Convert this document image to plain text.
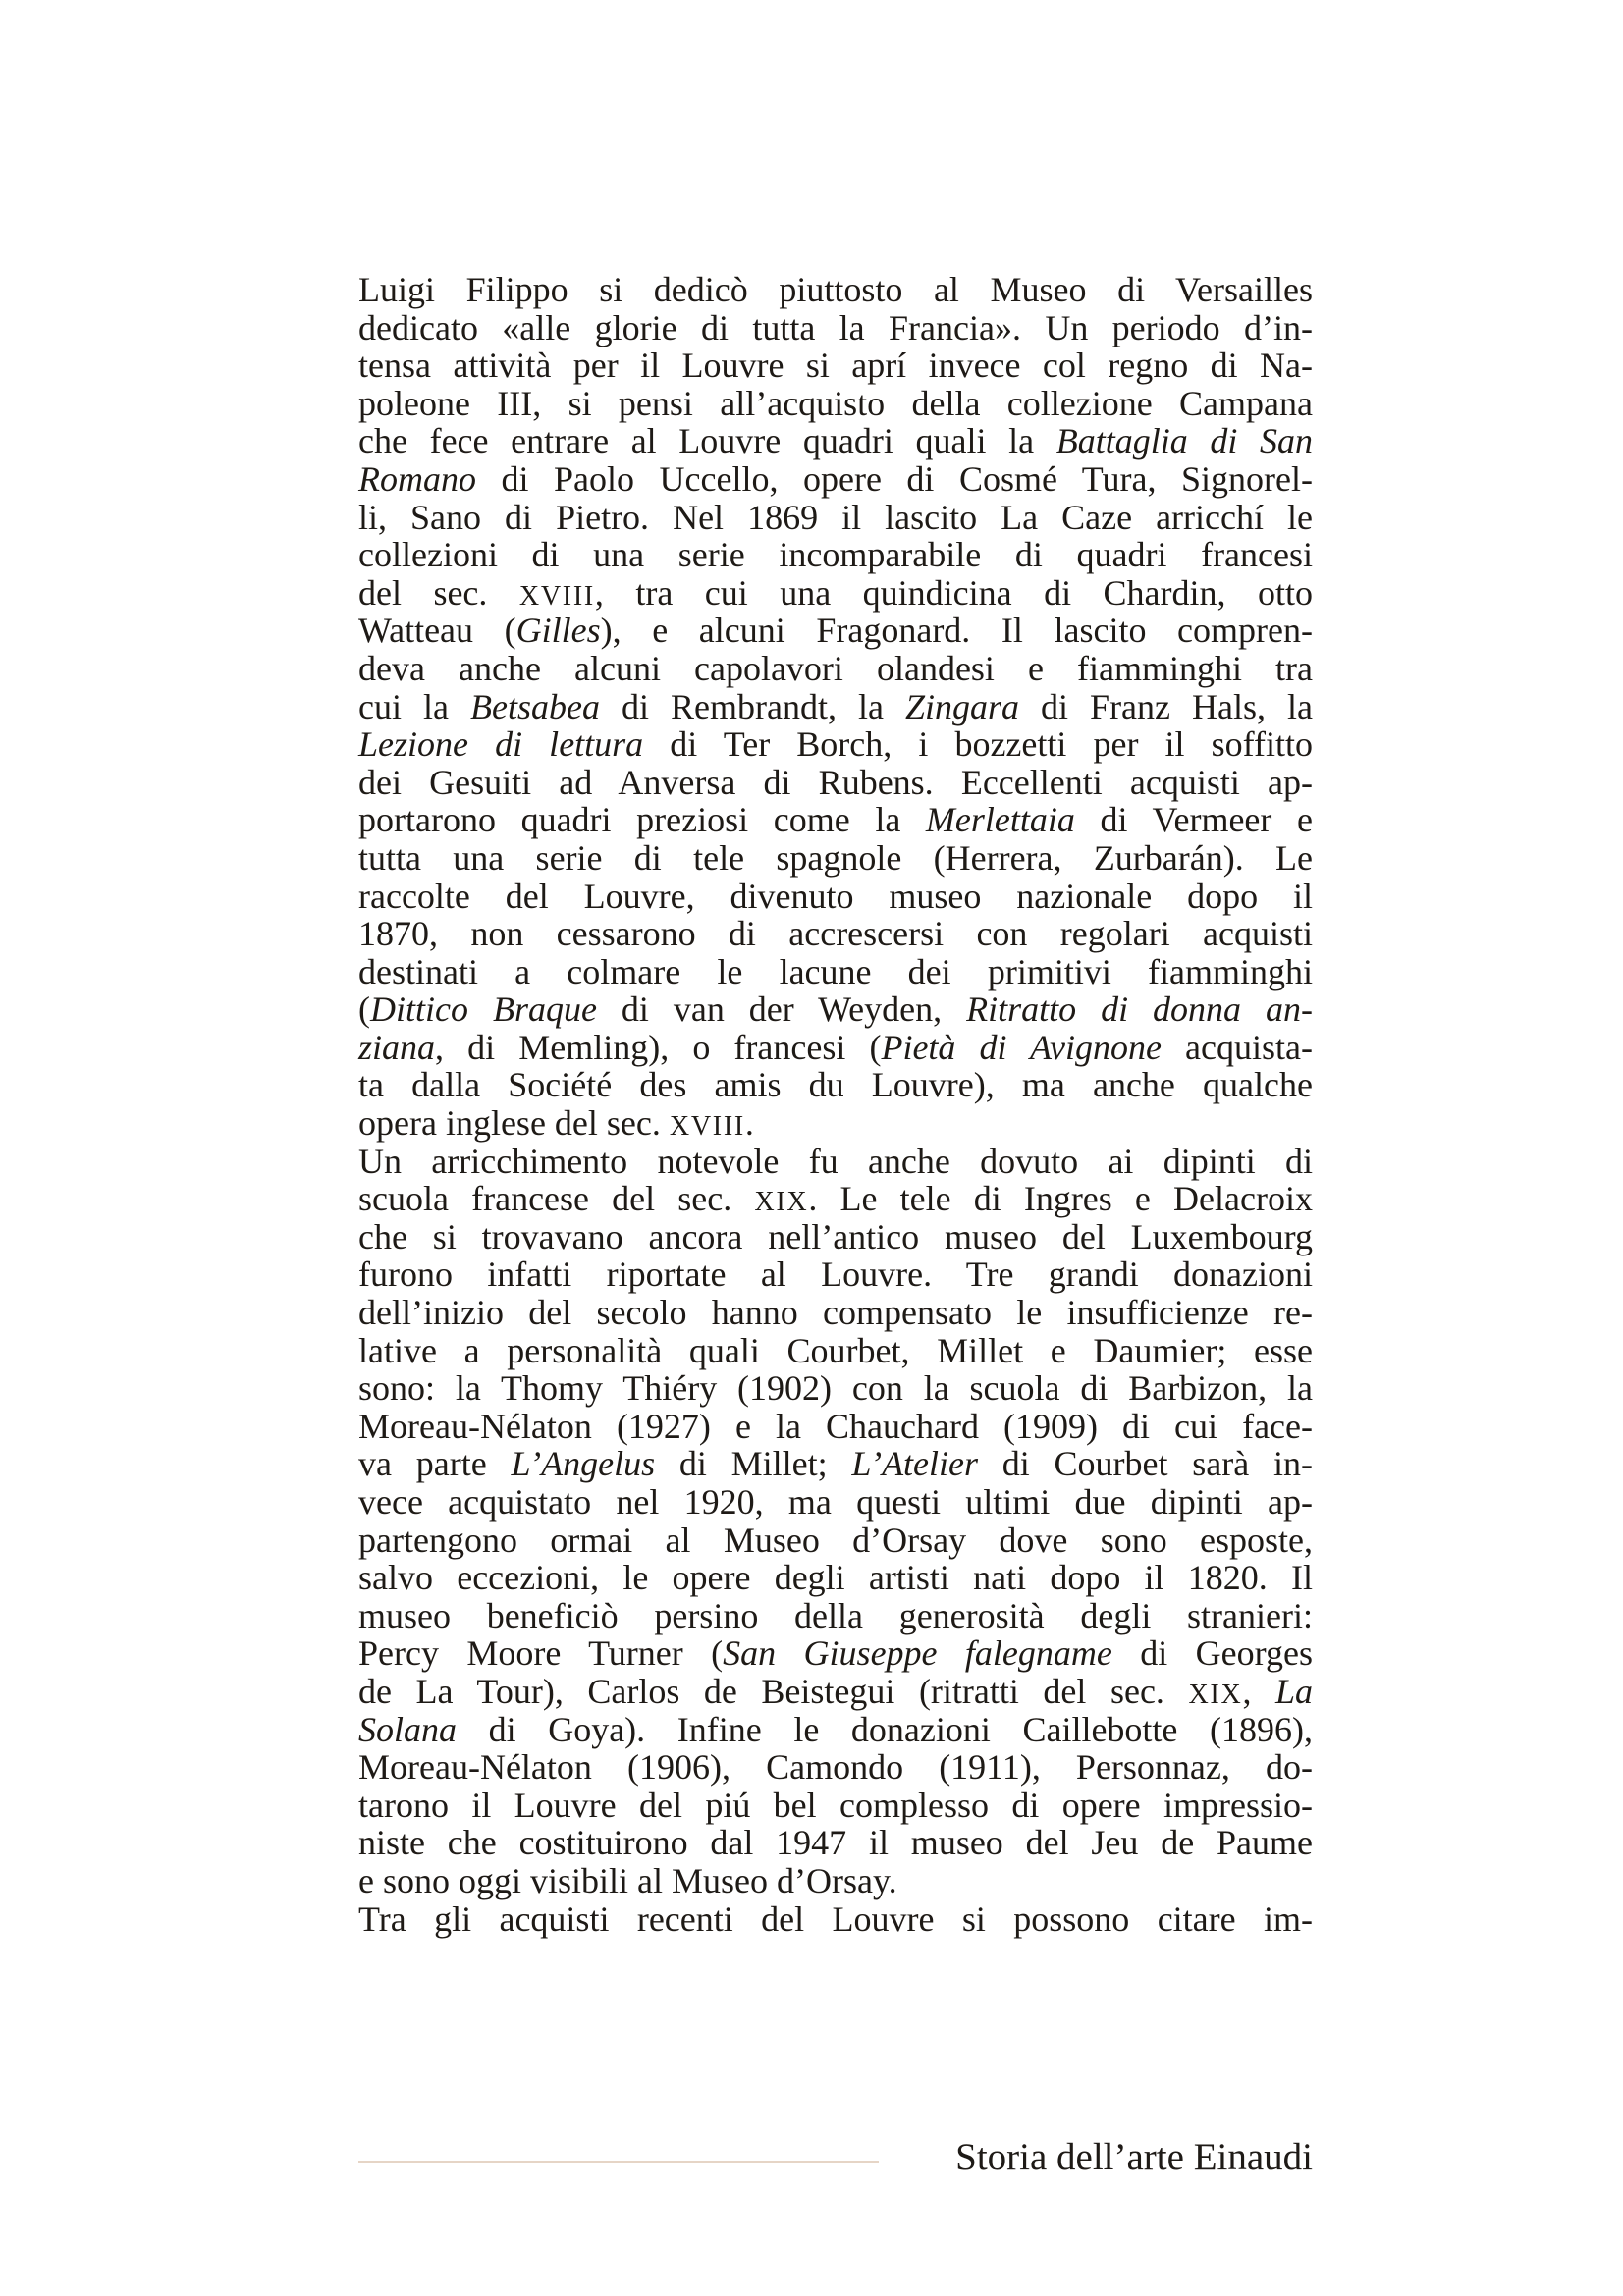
Luigi Filippo si dedicò piuttosto al Museo di Versailles
dedicato «alle glorie di tutta la Francia». Un periodo d’in-
tensa attività per il Louvre si aprí invece col regno di Na-
poleone III, si pensi all’acquisto della collezione Campana
che fece entrare al Louvre quadri quali la Battaglia di San
Romano di Paolo Uccello, opere di Cosmé Tura, Signorel-
li, Sano di Pietro. Nel 1869 il lascito La Caze arricchí le
collezioni di una serie incomparabile di quadri francesi
del sec. XVIII, tra cui una quindicina di Chardin, otto
Watteau (Gilles), e alcuni Fragonard. Il lascito compren-
deva anche alcuni capolavori olandesi e fiamminghi tra
cui la Betsabea di Rembrandt, la Zingara di Franz Hals, la
Lezione di lettura di Ter Borch, i bozzetti per il soffitto
dei Gesuiti ad Anversa di Rubens. Eccellenti acquisti ap-
portarono quadri preziosi come la Merlettaia di Vermeer e
tutta una serie di tele spagnole (Herrera, Zurbarán). Le
raccolte del Louvre, divenuto museo nazionale dopo il
1870, non cessarono di accrescersi con regolari acquisti
destinati a colmare le lacune dei primitivi fiamminghi
(Dittico Braque di van der Weyden, Ritratto di donna an-
ziana, di Memling), o francesi (Pietà di Avignone acquista-
ta dalla Société des amis du Louvre), ma anche qualche
opera inglese del sec. XVIII.
Un arricchimento notevole fu anche dovuto ai dipinti di
scuola francese del sec. XIX. Le tele di Ingres e Delacroix
che si trovavano ancora nell’antico museo del Luxembourg
furono infatti riportate al Louvre. Tre grandi donazioni
dell’inizio del secolo hanno compensato le insufficienze re-
lative a personalità quali Courbet, Millet e Daumier; esse
sono: la Thomy Thiéry (1902) con la scuola di Barbizon, la
Moreau-Nélaton (1927) e la Chauchard (1909) di cui face-
va parte L’Angelus di Millet; L’Atelier di Courbet sarà in-
vece acquistato nel 1920, ma questi ultimi due dipinti ap-
partengono ormai al Museo d’Orsay dove sono esposte,
salvo eccezioni, le opere degli artisti nati dopo il 1820. Il
museo beneficiò persino della generosità degli stranieri:
Percy Moore Turner (San Giuseppe falegname di Georges
de La Tour), Carlos de Beistegui (ritratti del sec. XIX, La
Solana di Goya). Infine le donazioni Caillebotte (1896),
Moreau-Nélaton (1906), Camondo (1911), Personnaz, do-
tarono il Louvre del piú bel complesso di opere impressio-
niste che costituirono dal 1947 il museo del Jeu de Paume
e sono oggi visibili al Museo d’Orsay.
Tra gli acquisti recenti del Louvre si possono citare im-
Storia dell’arte Einaudi
